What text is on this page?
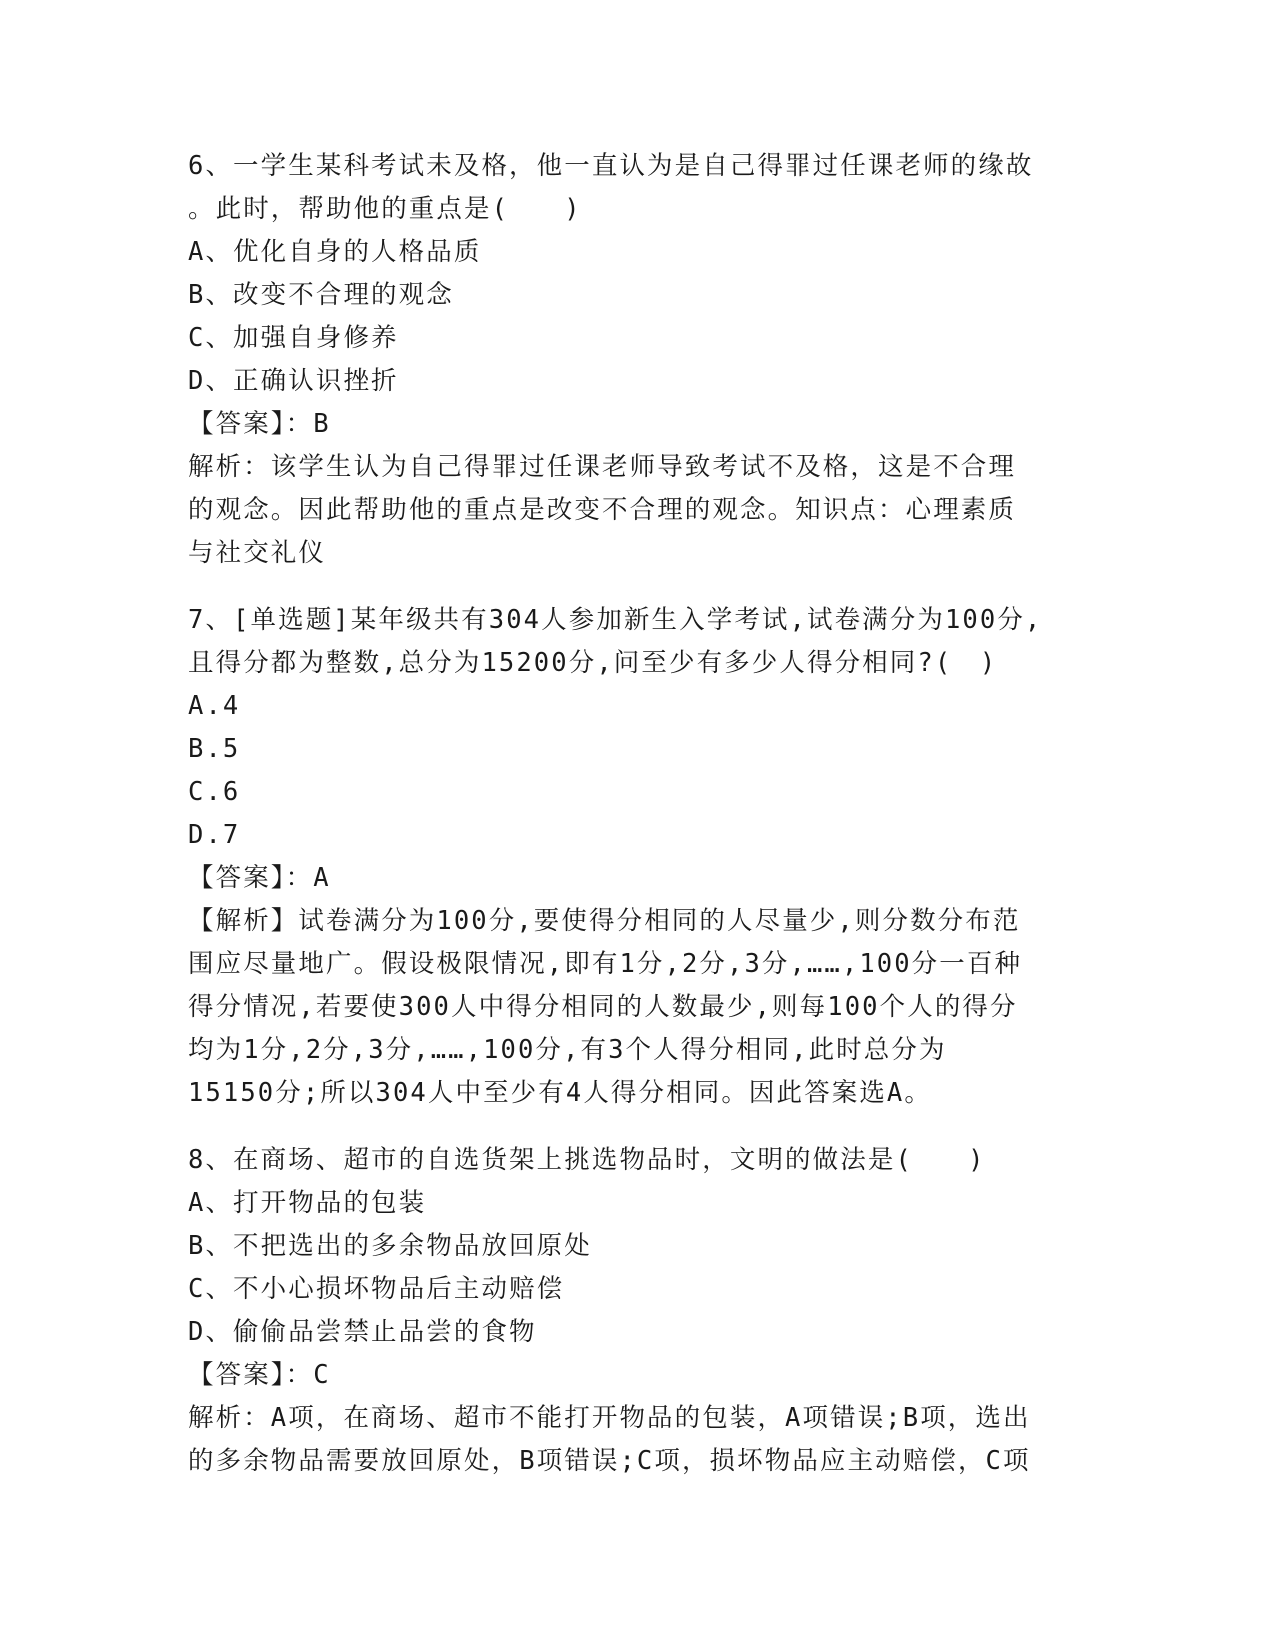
6、一学生某科考试未及格，他一直认为是自己得罪过任课老师的缘故
。此时，帮助他的重点是(　　)
A、优化自身的人格品质
B、改变不合理的观念
C、加强自身修养
D、正确认识挫折
【答案】：B
解析：该学生认为自己得罪过任课老师导致考试不及格，这是不合理
的观念。因此帮助他的重点是改变不合理的观念。知识点：心理素质
与社交礼仪
7、[单选题]某年级共有304人参加新生入学考试,试卷满分为100分,
且得分都为整数,总分为15200分,问至少有多少人得分相同?(　)
A.4
B.5
C.6
D.7
【答案】：A
【解析】试卷满分为100分,要使得分相同的人尽量少,则分数分布范
围应尽量地广。假设极限情况,即有1分,2分,3分,……,100分一百种
得分情况,若要使300人中得分相同的人数最少,则每100个人的得分
均为1分,2分,3分,……,100分,有3个人得分相同,此时总分为
15150分;所以304人中至少有4人得分相同。因此答案选A。
8、在商场、超市的自选货架上挑选物品时，文明的做法是(　　)
A、打开物品的包装
B、不把选出的多余物品放回原处
C、不小心损坏物品后主动赔偿
D、偷偷品尝禁止品尝的食物
【答案】：C
解析：A项，在商场、超市不能打开物品的包装，A项错误;B项，选出
的多余物品需要放回原处，B项错误;C项，损坏物品应主动赔偿，C项
